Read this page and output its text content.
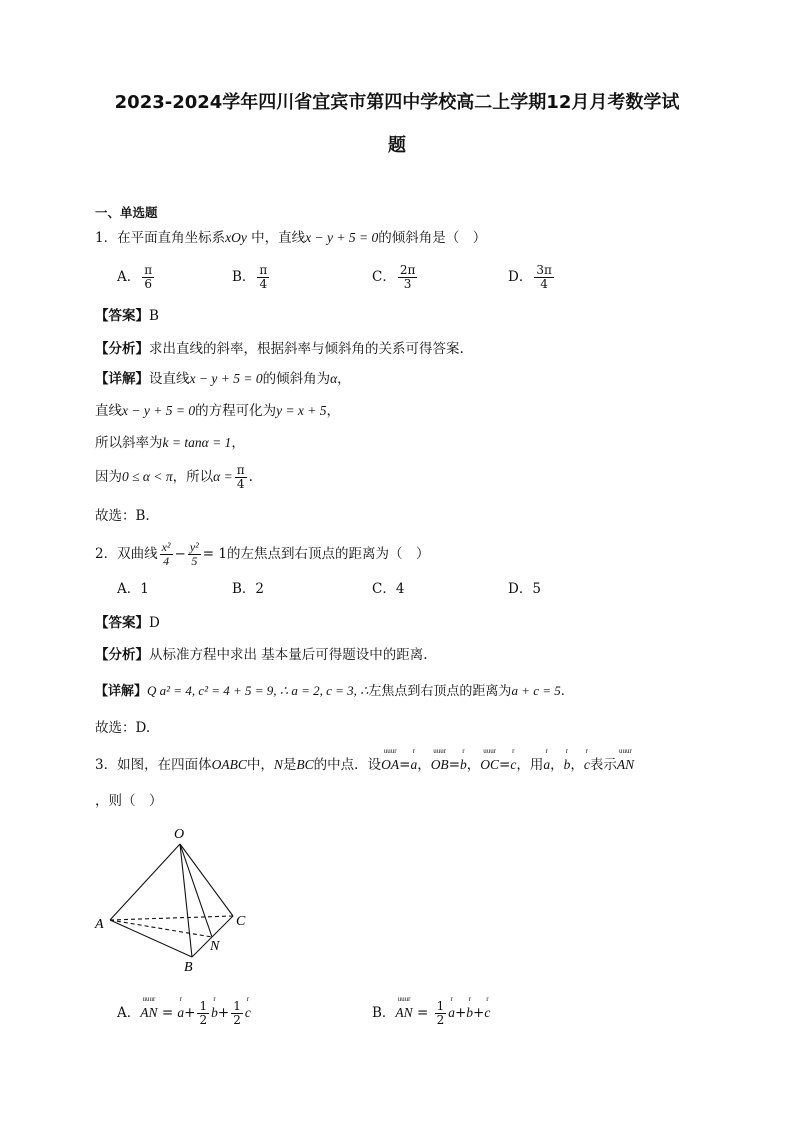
2023-2024学年四川省宜宾市第四中学校高二上学期12月月考数学试
题
一、单选题
1．在平面直角坐标系xOy 中，直线x − y + 5 = 0的倾斜角是（　）
A． $\frac{\pi}{6}$	B． $\frac{\pi}{4}$	C． $\frac{2\pi}{3}$	D． $\frac{3\pi}{4}$
【答案】B
【分析】求出直线的斜率，根据斜率与倾斜角的关系可得答案.
【详解】设直线x − y + 5 = 0的倾斜角为α，
直线x − y + 5 = 0的方程可化为y = x + 5，
所以斜率为k = tanα = 1，
因为0 ≤ α < π，所以$\alpha = \frac{\pi}{4}$ .
故选：B.
2．双曲线 $\frac{\text{x²}}{4} - \frac{\text{y²}}{5} = 1$的左焦点到右顶点的距离为（　）
A．1	B．2	C．4	D．5
【答案】D
【分析】从标准方程中求出 基本量后可得题设中的距离.
【详解】Q a² = 4, c² = 4 + 5 = 9, ∴ a = 2, c = 3, ∴左焦点到右顶点的距离为a + c = 5.
故选：D.
3．如图，在四面体OABC中，N是BC的中点．设
uuur
OA=
r
a，
uuur
OB=
r
b，
uuur
OC=
r
c，用
r
a，
r
b，
r
c表示
uuur
AN
，则（　）
O
A
B
C
N
A．
uuur
AN =
r
$a+ \frac{1}{2}$
r
$b+ \frac{1}{2}$
r
c	B．
uuur
AN = $\frac{1}{2}$
r
a+
r
b+
r
c
